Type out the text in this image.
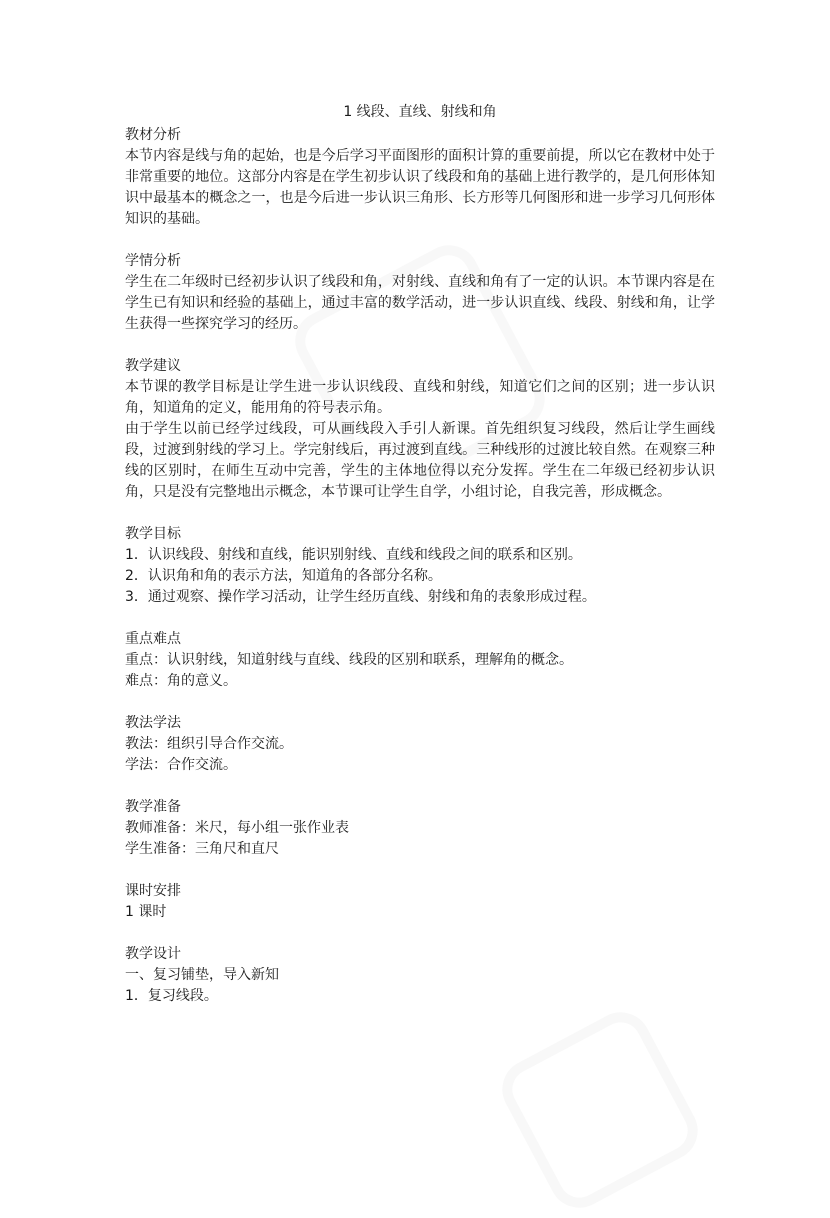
1 线段、直线、射线和角

教材分析

本节内容是线与角的起始，也是今后学习平面图形的面积计算的重要前提，所以它在教材中处于非常重要的地位。这部分内容是在学生初步认识了线段和角的基础上进行教学的，是几何形体知识中最基本的概念之一，也是今后进一步认识三角形、长方形等几何图形和进一步学习几何形体知识的基础。

学情分析

学生在二年级时已经初步认识了线段和角，对射线、直线和角有了一定的认识。本节课内容是在学生已有知识和经验的基础上，通过丰富的数学活动，进一步认识直线、线段、射线和角，让学生获得一些探究学习的经历。

教学建议

本节课的教学目标是让学生进一步认识线段、直线和射线，知道它们之间的区别；进一步认识角，知道角的定义，能用角的符号表示角。

由于学生以前已经学过线段，可从画线段入手引人新课。首先组织复习线段，然后让学生画线段，过渡到射线的学习上。学完射线后，再过渡到直线。三种线形的过渡比较自然。在观察三种线的区别时，在师生互动中完善，学生的主体地位得以充分发挥。学生在二年级已经初步认识角，只是没有完整地出示概念，本节课可让学生自学，小组讨论，自我完善，形成概念。

教学目标

1．认识线段、射线和直线，能识别射线、直线和线段之间的联系和区别。

2．认识角和角的表示方法，知道角的各部分名称。

3．通过观察、操作学习活动，让学生经历直线、射线和角的表象形成过程。

重点难点

重点：认识射线，知道射线与直线、线段的区别和联系，理解角的概念。

难点：角的意义。

教法学法

教法：组织引导合作交流。

学法：合作交流。

教学准备

教师准备：米尺，每小组一张作业表

学生准备：三角尺和直尺

课时安排

1 课时

教学设计

一、复习铺垫，导入新知

1．复习线段。
